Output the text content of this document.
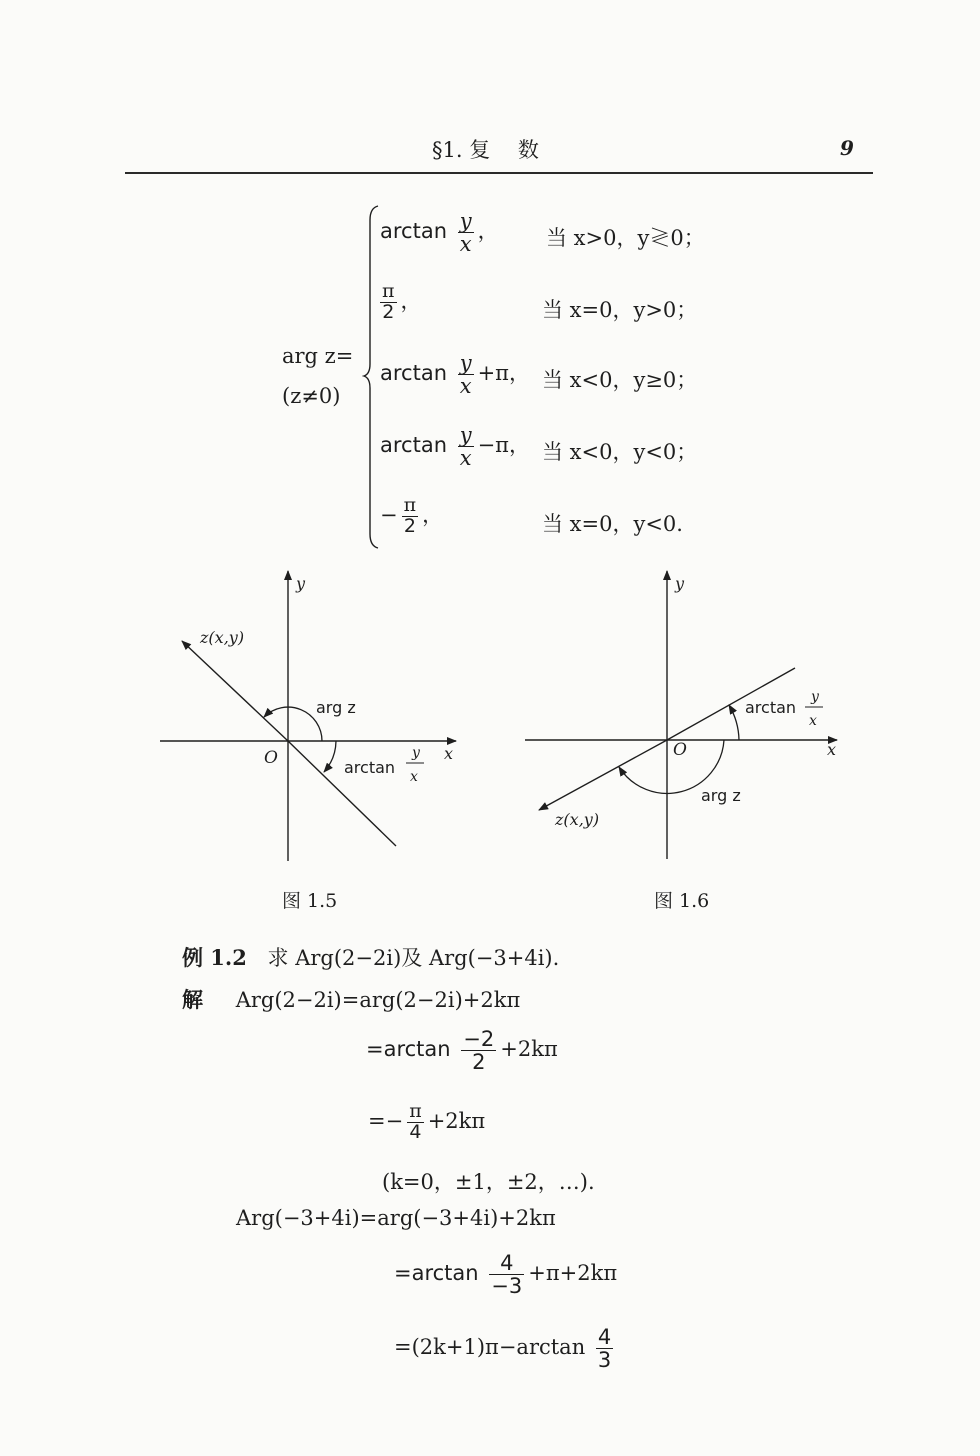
§1. 复　 数	9
arg z=
(z≠0)
$\arctan \frac{y}{x}$ ， 当 x>0，y≷0；
$\frac{\pi}{2}$ ，	当 x=0，y>0；
$\arctan \frac{y}{x} +\pi$， 当 x<0，y≥0；
$\arctan \frac{y}{x} -\pi$， 当 x<0，y<0；
− $\frac{\pi}{2}$ ，	当 x=0，y<0.
y
x
O
z(x,y)
arg z
arctan
y
x
图 1.5
y
x
O
z(x,y)
arg z
arctan
y
x
图 1.6
例 1.2 求 Arg(2−2i)及 Arg(−3+4i).
解 Arg(2−2i)=arg(2−2i)+2kπ
$=\arctan \frac{-2}{2} +2k\pi$
=− $\frac{\pi}{4} +2k\pi$
(k=0，±1，±2，…).
Arg(−3+4i)=arg(−3+4i)+2kπ
$=\arctan \frac{4}{-3} +\pi+2k\pi$
$=(2k+1)\pi-\arctan \frac{4}{3}$
